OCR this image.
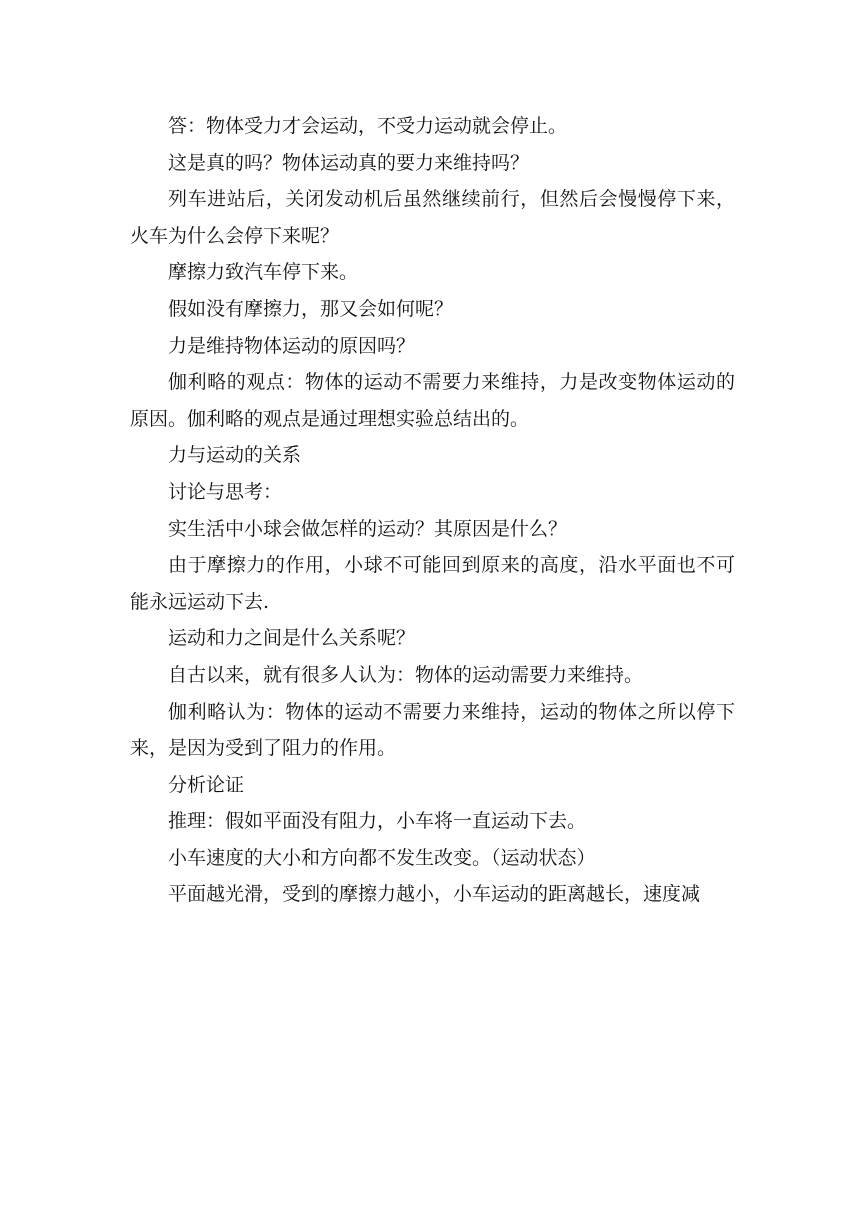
答：物体受力才会运动，不受力运动就会停止。

这是真的吗？物体运动真的要力来维持吗？

列车进站后，关闭发动机后虽然继续前行，但然后会慢慢停下来，火车为什么会停下来呢？

摩擦力致汽车停下来。

假如没有摩擦力，那又会如何呢？

力是维持物体运动的原因吗？

伽利略的观点：物体的运动不需要力来维持，力是改变物体运动的原因。伽利略的观点是通过理想实验总结出的。

力与运动的关系

讨论与思考：

实生活中小球会做怎样的运动？其原因是什么？

由于摩擦力的作用，小球不可能回到原来的高度，沿水平面也不可能永远运动下去.

运动和力之间是什么关系呢？

自古以来，就有很多人认为：物体的运动需要力来维持。

伽利略认为：物体的运动不需要力来维持，运动的物体之所以停下来，是因为受到了阻力的作用。

分析论证

推理：假如平面没有阻力，小车将一直运动下去。

小车速度的大小和方向都不发生改变。（运动状态）

平面越光滑，受到的摩擦力越小，小车运动的距离越长，速度减
